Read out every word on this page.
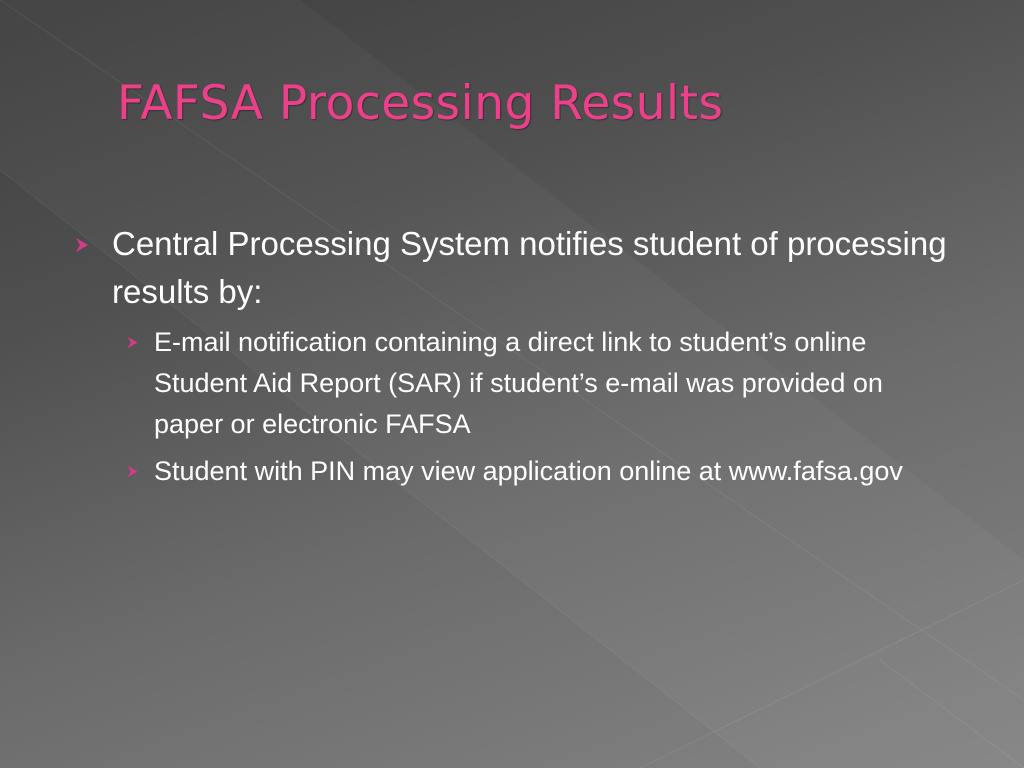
FAFSA Processing Results
Central Processing System notifies student of processing results by:
E-mail notification containing a direct link to student’s online Student Aid Report (SAR) if student’s e-mail was provided on paper or electronic FAFSA
Student with PIN may view application online at www.fafsa.gov
